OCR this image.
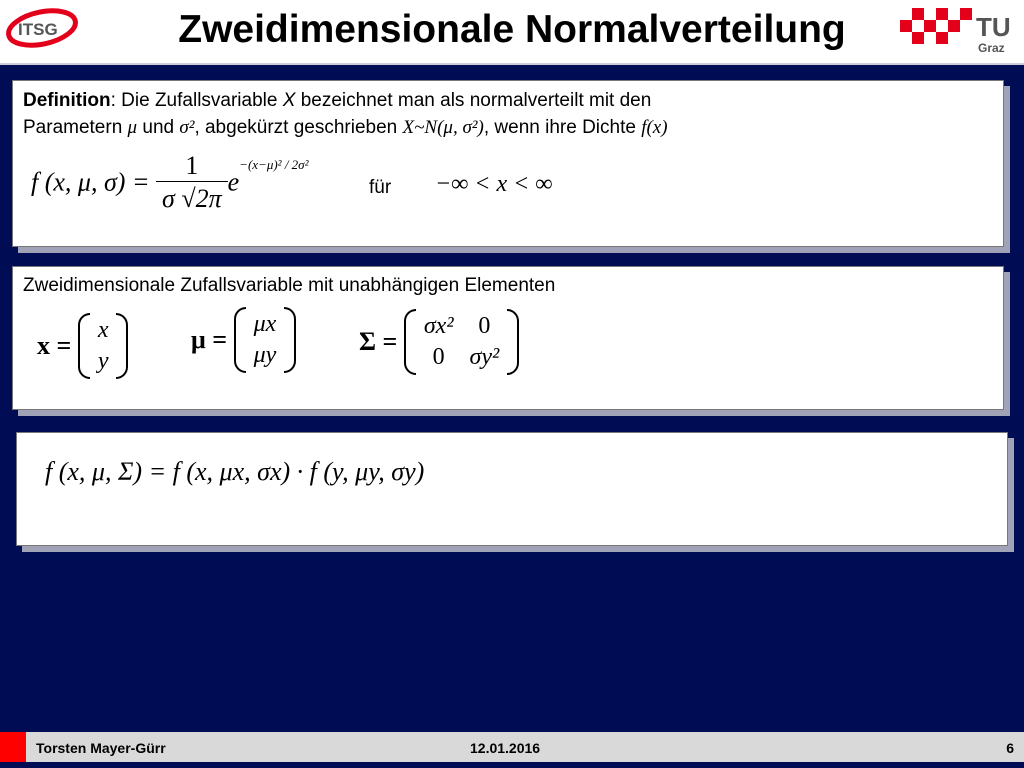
ITSG	Zweidimensionale Normalverteilung	TU
Graz
Definition: Die Zufallsvariable X bezeichnet man als normalverteilt mit den
Parametern μ und σ², abgekürzt geschrieben X~N(μ, σ²), wenn ihre Dichte f(x)
f (x, μ, $\sigma) = \frac{1}{\sigma √2\pi} e^{-(x-\mu)^2 / 2\sigma^2}$
für −∞ < x < ∞
Zweidimensionale Zufallsvariable mit unabhängigen Elementen
x =
x
y
μ =
μx
μy	Σ =
σx²	0
0	σy²
f (x, μ, Σ) = f (x, μx, σx) · f (y, μy, σy)
Torsten Mayer-Gürr	12.01.2016	6
